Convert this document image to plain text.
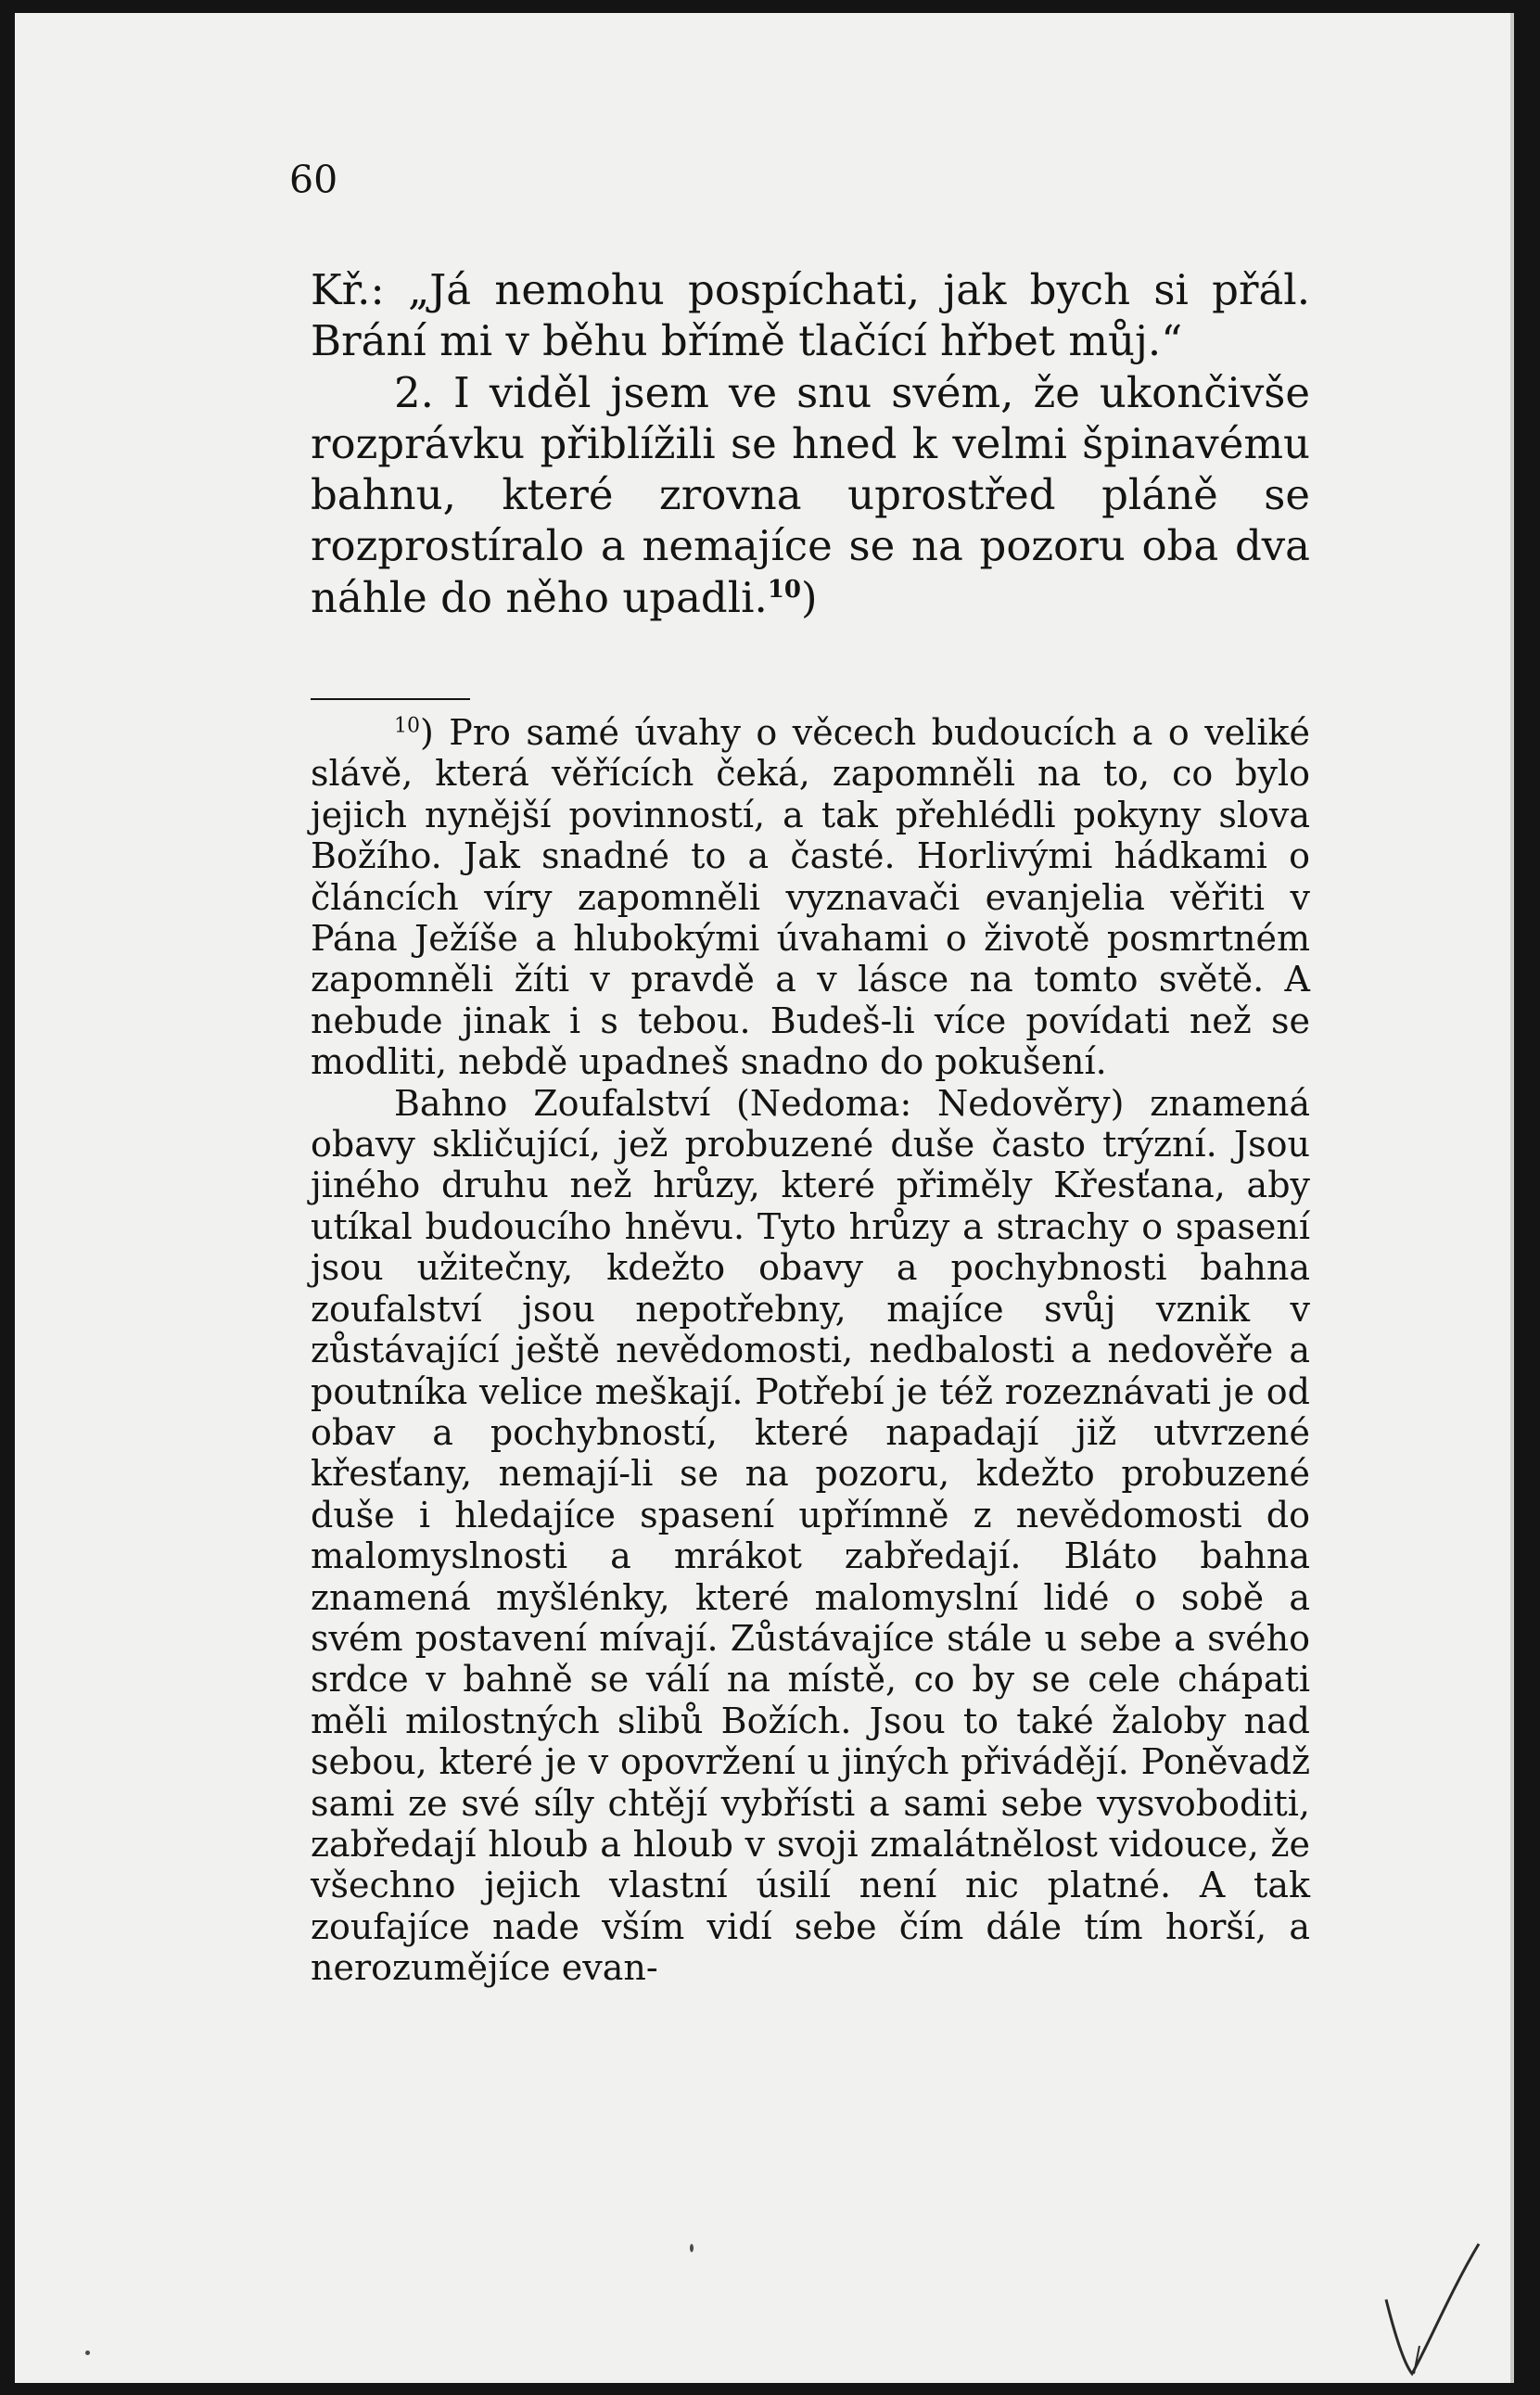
60

Kř.: „Já nemohu pospíchati, jak bych si přál. Brání mi v běhu břímě tlačící hřbet můj.“

2. I viděl jsem ve snu svém, že ukončivše rozprávku přiblížili se hned k velmi špinavému bahnu, které zrovna uprostřed pláně se rozprostíralo a nemajíce se na pozoru oba dva náhle do něho upadli.$^{10}$)

$^{10}$) Pro samé úvahy o věcech budoucích a o veliké slávě, která věřících čeká, zapomněli na to, co bylo jejich nynější povinností, a tak přehlédli pokyny slova Božího. Jak snadné to a časté. Horlivými hádkami o článcích víry zapomněli vyznavači evanjelia věřiti v Pána Ježíše a hlubokými úvahami o životě posmrtném zapomněli žíti v pravdě a v lásce na tomto světě. A nebude jinak i s tebou. Budeš-li více povídati než se modliti, nebdě upadneš snadno do pokušení.

Bahno Zoufalství (Nedoma: Nedověry) znamená obavy skličující, jež probuzené duše často trýzní. Jsou jiného druhu než hrůzy, které přiměly Křesťana, aby utíkal budoucího hněvu. Tyto hrůzy a strachy o spasení jsou užitečny, kdežto obavy a pochybnosti bahna zoufalství jsou nepotřebny, majíce svůj vznik v zůstávající ještě nevědomosti, nedbalosti a nedověře a poutníka velice meškají. Potřebí je též rozeznávati je od obav a pochybností, které napadají již utvrzené křesťany, nemají-li se na pozoru, kdežto probuzené duše i hledajíce spasení upřímně z nevědomosti do malomyslnosti a mrákot zabředají. Bláto bahna znamená myšlénky, které malomyslní lidé o sobě a svém postavení mívají. Zůstávajíce stále u sebe a svého srdce v bahně se válí na místě, co by se cele chápati měli milostných slibů Božích. Jsou to také žaloby nad sebou, které je v opovržení u jiných přivádějí. Poněvadž sami ze své síly chtějí vybřísti a sami sebe vysvoboditi, zabředají hloub a hloub v svoji zmalátnělost vidouce, že všechno jejich vlastní úsilí není nic platné. A tak zoufajíce nade vším vidí sebe čím dále tím horší, a nerozumějíce evan-
